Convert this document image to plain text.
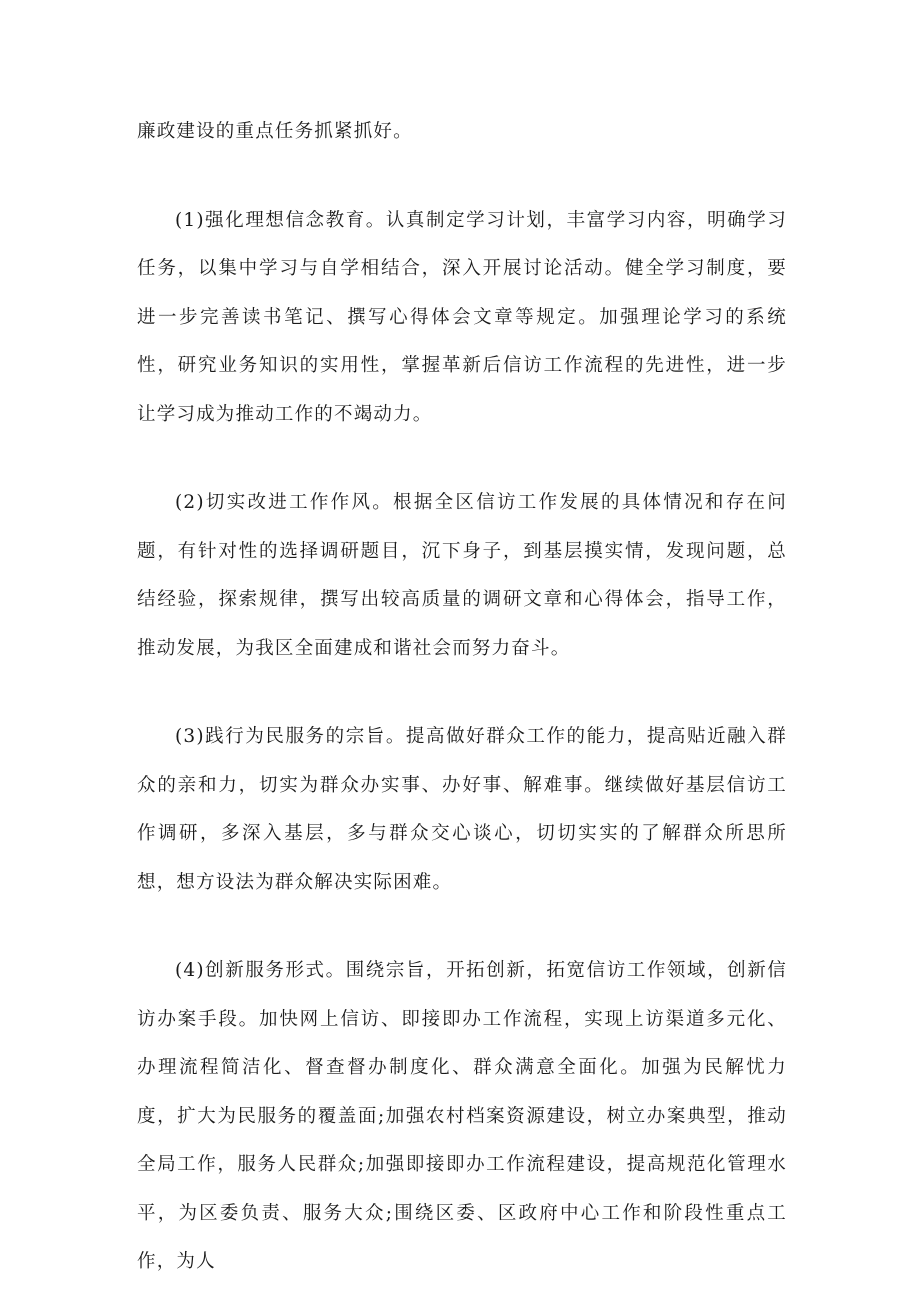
廉政建设的重点任务抓紧抓好。

(1)强化理想信念教育。认真制定学习计划，丰富学习内容，明确学习任务，以集中学习与自学相结合，深入开展讨论活动。健全学习制度，要进一步完善读书笔记、撰写心得体会文章等规定。加强理论学习的系统性，研究业务知识的实用性，掌握革新后信访工作流程的先进性，进一步让学习成为推动工作的不竭动力。

(2)切实改进工作作风。根据全区信访工作发展的具体情况和存在问题，有针对性的选择调研题目，沉下身子，到基层摸实情，发现问题，总结经验，探索规律，撰写出较高质量的调研文章和心得体会，指导工作，推动发展，为我区全面建成和谐社会而努力奋斗。

(3)践行为民服务的宗旨。提高做好群众工作的能力，提高贴近融入群众的亲和力，切实为群众办实事、办好事、解难事。继续做好基层信访工作调研，多深入基层，多与群众交心谈心，切切实实的了解群众所思所想，想方设法为群众解决实际困难。

(4)创新服务形式。围绕宗旨，开拓创新，拓宽信访工作领域，创新信访办案手段。加快网上信访、即接即办工作流程，实现上访渠道多元化、办理流程简洁化、督查督办制度化、群众满意全面化。加强为民解忧力度，扩大为民服务的覆盖面;加强农村档案资源建设，树立办案典型，推动全局工作，服务人民群众;加强即接即办工作流程建设，提高规范化管理水平，为区委负责、服务大众;围绕区委、区政府中心工作和阶段性重点工作，为人
